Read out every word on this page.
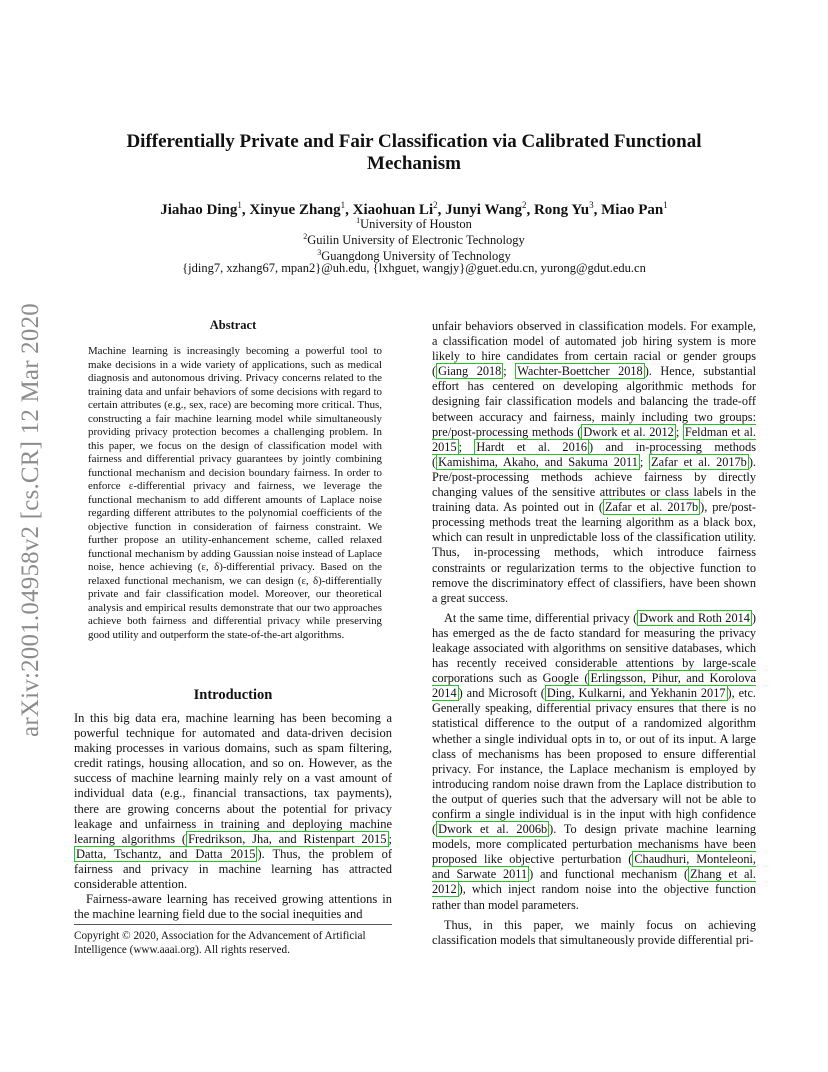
arXiv:2001.04958v2 [cs.CR] 12 Mar 2020
Differentially Private and Fair Classification via Calibrated Functional Mechanism
Jiahao Ding$^1$, Xinyue Zhang$^1$, Xiaohuan Li$^2$, Junyi Wang$^2$, Rong Yu$^3$, Miao Pan$^1$
$^1$University of Houston
$^2$Guilin University of Electronic Technology
$^3$Guangdong University of Technology
{jding7, xzhang67, mpan2}@uh.edu, {lxhguet, wangjy}@guet.edu.cn, yurong@gdut.edu.cn
Abstract
Machine learning is increasingly becoming a powerful tool to make decisions in a wide variety of applications, such as medical diagnosis and autonomous driving. Privacy concerns related to the training data and unfair behaviors of some decisions with regard to certain attributes (e.g., sex, race) are becoming more critical. Thus, constructing a fair machine learning model while simultaneously providing privacy protection becomes a challenging problem. In this paper, we focus on the design of classification model with fairness and differential privacy guarantees by jointly combining functional mechanism and decision boundary fairness. In order to enforce ε-differential privacy and fairness, we leverage the functional mechanism to add different amounts of Laplace noise regarding different attributes to the polynomial coefficients of the objective function in consideration of fairness constraint. We further propose an utility-enhancement scheme, called relaxed functional mechanism by adding Gaussian noise instead of Laplace noise, hence achieving (ε, δ)-differential privacy. Based on the relaxed functional mechanism, we can design (ε, δ)-differentially private and fair classification model. Moreover, our theoretical analysis and empirical results demonstrate that our two approaches achieve both fairness and differential privacy while preserving good utility and outperform the state-of-the-art algorithms.
Introduction

In this big data era, machine learning has been becoming a powerful technique for automated and data-driven decision making processes in various domains, such as spam filtering, credit ratings, housing allocation, and so on. However, as the success of machine learning mainly rely on a vast amount of individual data (e.g., financial transactions, tax payments), there are growing concerns about the potential for privacy leakage and unfairness in training and deploying machine learning algorithms ( Fredrikson, Jha, and Ristenpart 2015 ; Datta, Tschantz, and Datta 2015 ). Thus, the problem of fairness and privacy in machine learning has attracted considerable attention.

Fairness-aware learning has received growing attentions in the machine learning field due to the social inequities and

Copyright © 2020, Association for the Advancement of Artificial Intelligence (www.aaai.org). All rights reserved.

unfair behaviors observed in classification models. For example, a classification model of automated job hiring system is more likely to hire candidates from certain racial or gender groups ( Giang 2018 ; Wachter-Boettcher 2018 ). Hence, substantial effort has centered on developing algorithmic methods for designing fair classification models and balancing the trade-off between accuracy and fairness, mainly including two groups: pre/post-processing methods ( Dwork et al. 2012 ; Feldman et al. 2015 ; Hardt et al. 2016 ) and in-processing methods ( Kamishima, Akaho, and Sakuma 2011 ; Zafar et al. 2017b ). Pre/post-processing methods achieve fairness by directly changing values of the sensitive attributes or class labels in the training data. As pointed out in ( Zafar et al. 2017b ), pre/post-processing methods treat the learning algorithm as a black box, which can result in unpredictable loss of the classification utility. Thus, in-processing methods, which introduce fairness constraints or regularization terms to the objective function to remove the discriminatory effect of classifiers, have been shown a great success.

At the same time, differential privacy ( Dwork and Roth 2014 ) has emerged as the de facto standard for measuring the privacy leakage associated with algorithms on sensitive databases, which has recently received considerable attentions by large-scale corporations such as Google ( Erlingsson, Pihur, and Korolova 2014 ) and Microsoft ( Ding, Kulkarni, and Yekhanin 2017 ), etc. Generally speaking, differential privacy ensures that there is no statistical difference to the output of a randomized algorithm whether a single individual opts in to, or out of its input. A large class of mechanisms has been proposed to ensure differential privacy. For instance, the Laplace mechanism is employed by introducing random noise drawn from the Laplace distribution to the output of queries such that the adversary will not be able to confirm a single individual is in the input with high confidence ( Dwork et al. 2006b ). To design private machine learning models, more complicated perturbation mechanisms have been proposed like objective perturbation ( Chaudhuri, Monteleoni, and Sarwate 2011 ) and functional mechanism ( Zhang et al. 2012 ), which inject random noise into the objective function rather than model parameters.

Thus, in this paper, we mainly focus on achieving classification models that simultaneously provide differential pri-
